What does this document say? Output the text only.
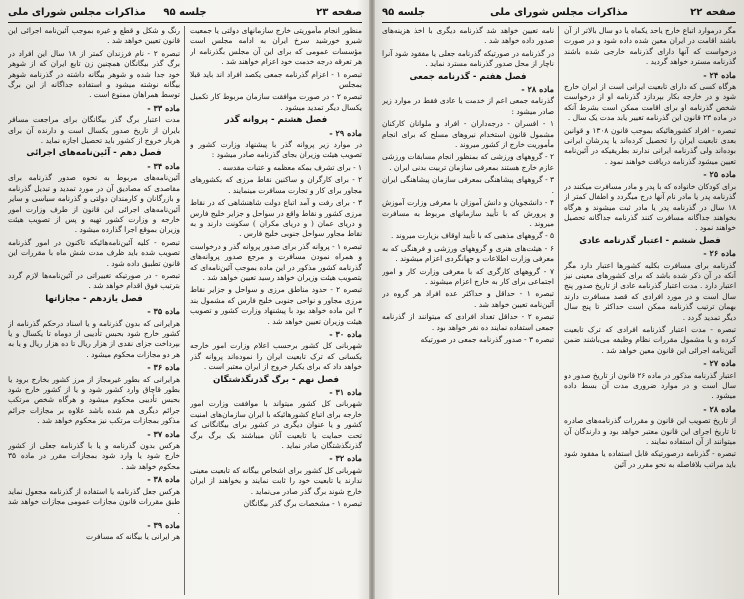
صفحه ۲۳
جلسه ۹۵
مذاکرات مجلس شورای ملی

منظور انجام مأموریتی خارج سازمانهای دولتی یا جمعیت شیرو خورشید سرخ ایران به ادامه مجلس است مؤسسات عمومی که برای این آن مجلس بگذرنامه ار هر تعرقه درجه خدمت خود اعزام خواهند شد .

تبصره ۱ - اعزام گذرنامه جمعی یکصد افراد اند باید قبلا بمجلس

تبصره ۲ - در صورت موافقت سازمان مربوط کار تکمیل یکسال دیگر تمدید میشود .

فصل هشتم - پروانه گذر

ماده ۲۹ -

در موارد زیر پروانه گذر با پیشنهاد وزارت کشور و تصویب هیئت وزیران بجای گذرنامه صادر میشود :

۱ - برای تشرف بمکه معظمه و عتبات مقدسه .

۲ - برای کارگران و ساکنین نقاط مرزی که بکشورهای مجاور برای کار و تجارت مسافرت مینمایند .

۳ - برای رفت و آمد اتباع دولت شاهنشاهی که در نقاط مرزی کشور و نقاط واقع در سواحل و جزایر خلیج فارس و دریای عمان ( و دریای مکران ) سکونت دارند و به نقاط مجاور سواحل جنوبی خلیج فارس .

تبصره ۱ - پروانه گذر برای صدور پروانه گذر و درخواست و همراه نمودن مسافرت و مرجع صدور پروانه‌های گذرنامه کشور مذکور در این ماده بموجب آئین‌نامه‌ای که بتصویب هیئت وزیران خواهد رسید تعیین خواهد شد .

تبصره ۲ - حدود مناطق مرزی و سواحل و جزایر نقاط مرزی مجاور و نواحی جنوبی خلیج فارس که مشمول بند ۳ این ماده خواهد بود با پیشنهاد وزارت کشور و تصویب هیئت وزیران تعیین خواهد شد .

ماده ۳۰ -

شهربانی کل کشور برحسب اعلام وزارت امور خارجه بکسانی که ترک تابعیت ایران را نموده‌اند پروانه گذر خواهد داد که برای یکبار خروج از ایران معتبر است .

فصل نهم - برگ گذرنگذشتگان

ماده ۳۱ -

شهربانی کل کشور میتواند با موافقت وزارت امور خارجه برای اتباع کشورهائیکه با ایران سازمان‌های امنیت کشور و یا عنوان دیگری در کشور برای بیگانگانی که تحت حمایت یا تابعیت آنان میباشند یک برگ برگ گذرنگذشتگان صادر نماید .

ماده ۳۲ -

شهربانی کل کشور برای اشخاص بیگانه که تابعیت معینی ندارند یا تابعیت خود را ثابت نمایند و بخواهند از ایران خارج شوند برگ گذر صادر می‌نماید .

تبصره ۱ - مشخصات برگ گذر بیگانگان

رنگ و شکل و قطع و غیره بموجب آئین‌نامه اجرائی این قانون تعیین خواهد شد .

تبصره ۲ - نام فرزندان کمتر از ۱۸ سال این افراد در برگ گذر بیگانگان همچنین زن تابع ایران که از شوهر خود جدا شده و شوهر بیگانه داشته در گذرنامه شوهر بیگانه نوشته میشود و استفاده جداگانه از این برگ توسط همراهان ممنوع است .

ماده ۳۳ -

مدت اعتبار برگ گذر بیگانگان برای مراجعت مسافر بایران از تاریخ صدور یکسال است و دارنده آن برای هربار خروج از کشور باید تحصیل اجازه نماید .

فصل دهم - آئین‌نامه‌های اجرائی

ماده ۳۴ -

آئین‌نامه‌های مربوط به نحوه صدور گذرنامه برای مقاصدی که مصادیق آن در مورد تمدید و تبدیل گذرنامه و بازرگانان و کارمندان دولتی و گذرنامه سیاسی و سایر آئین‌نامه‌های اجرائی این قانون از طرف وزارت امور خارجه و وزارت کشور تهیه و پس از تصویب هیئت وزیران بموقع اجرا گذارده میشود .

تبصره - کلیه آئین‌نامه‌هائیکه تاکنون در امور گذرنامه تصویب شده باید ظرف مدت شش ماه با مقررات این قانون تطبیق داده شود .

تبصره - در صورتیکه تغییراتی در آئین‌نامه‌ها لازم گردد بترتیب فوق اقدام خواهد شد .

فصل یازدهم - مجازاتها

ماده ۳۵ -

هرایرانی که بدون گذرنامه و یا اسناد درحکم گذرنامه از کشور خارج شود بحبس تأدیبی از دوماه تا یکسال و یا بپرداخت جزای نقدی از هزار ریال تا ده هزار ریال و یا به هر دو مجازات محکوم میشود .

ماده ۳۶ -

هرایرانی که بطور غیرمجاز از مرز کشور بخارج برود یا بطور قاچاق وارد کشور شود و یا از کشور خارج شود بحبس تأدیبی محکوم میشود و هرگاه شخص مرتکب جرائم دیگری هم شده باشد علاوه بر مجازات جرائم مذکور بمجازات مرتکب نیز محکوم خواهد شد .

ماده ۳۷ -

هرکس بدون گذرنامه و یا با گذرنامه جعلی از کشور خارج شود یا وارد شود بمجازات مقرر در ماده ۳۵ محکوم خواهد شد .

ماده ۳۸ -

هرکس جعل گذرنامه یا استفاده از گذرنامه مجعول نماید طبق مقررات قانون مجازات عمومی مجازات خواهد شد .

ماده ۳۹ -

هر ایرانی یا بیگانه که مسافرت

صفحه ۲۲
مذاکرات مجلس شورای ملی
جلسه ۹۵

مگر درموارد اتباع خارج یاحد یکماه یا دو سال بالاتر از آن باشند اقامت در ایران معین شده داده شود و در صورت درخواست که آنها دارای گذرنامه خارجی شده باشند گذرنامه مسترد خواهد گردید .

ماده ۲۴ -

هرگاه کسی که دارای تابعیت ایرانی است از ایران خارج شود و در خارجه بکار بپردازد گذرنامه او از درخواست شخص گذرنامه او برای اقامت ممکن است بشرط آنکه در ماده ۲۳ قانون این گذرنامه تغییر یابد مدت یک سال .

تبصره - افراد کشورهائیکه بموجب قانون ۱۳۰۸ و قوانین بعدی تابعیت ایران را تحصیل کرده‌اند یا پدرشان ایرانی بوده‌اند ولی گذرنامه ایرانی ندارند بطریقیکه در آئین‌نامه تعیین میشود گذرنامه دریافت خواهند نمود .

ماده ۲۵ -

برای کودکان خانواده که با پدر و مادر مسافرت میکنند در گذرنامه پدر یا مادر نام آنها درج میگردد و اطفال کمتر از ۱۸ سال در گذرنامه پدر یا مادر ثبت میشوند و هرگاه بخواهند جداگانه مسافرت کنند گذرنامه جداگانه تحصیل خواهند نمود .

فصل ششم - اعتبار گذرنامه عادی

ماده ۲۶ -

گذرنامه برای مسافرت بکلیه کشورها اعتبار دارد مگر آنکه در آن ذکر شده باشد که برای کشورهای معینی نیز اعتبار دارد . مدت اعتبار گذرنامه عادی از تاریخ صدور پنج سال است و در مورد افرادی که قصد مسافرت دارند بهمان ترتیب گذرنامه ممکن است حداکثر تا پنج سال دیگر تمدید گردد .

تبصره - مدت اعتبار گذرنامه افرادی که ترک تابعیت کرده و یا مشمول مقررات نظام وظیفه می‌باشند ضمن آئین‌نامه اجرائی این قانون معین خواهد شد .

ماده ۲۷ -

اعتبار گذرنامه مذکور در ماده ۲۶ قانون از تاریخ صدور دو سال است و در موارد ضروری مدت آن بسط داده میشود .

ماده ۲۸ -

از تاریخ تصویب این قانون و مقررات گذرنامه‌های صادره تا تاریخ اجرای این قانون معتبر خواهد بود و دارندگان آن میتوانند از آن استفاده نمایند .

تبصره - گذرنامه درصورتیکه قابل استفاده یا مفقود شود باید مراتب بلافاصله به نحو مقرر در آئین

نامه تعیین خواهد شد گذرنامه دیگری با اخذ هزینه‌های صدور داده خواهد شد .

در گذرنامه در صورتیکه گذرنامه جعلی یا مفقود شود آنرا ناچار از محل صدور گذرنامه مسترد نماید .

فصل هفتم - گذرنامه جمعی

ماده ۲۸ -

گذرنامه جمعی اعم از خدمت یا عادی فقط در موارد زیر صادر میشود :

۱ - افسران - درجه‌داران - افراد و ملوانان کارکنان مشمول قانون استخدام نیروهای مسلح که برای انجام مأموریت خارج از کشور میروند .

۲ - گروههای ورزشی که بمنظور انجام مسابقات ورزشی عازم خارج هستند بمعرفی سازمان تربیت بدنی ایران .

۳ - گروههای پیشاهنگی بمعرفی سازمان پیشاهنگی ایران .

۴ - دانشجویان و دانش آموزان با معرفی وزارت آموزش و پرورش که با تأیید سازمانهای مربوط به مسافرت میروند .

۵ - گروههای مذهبی که با تأیید اوقاف بزیارت میروند .

۶ - هیئت‌های هنری و گروههای ورزشی و فرهنگی که به معرفی وزارت اطلاعات و جهانگردی اعزام میشوند .

۷ - گروههای کارگری که با معرفی وزارت کار و امور اجتماعی برای کار به خارج اعزام میشوند .

تبصره ۱ - حداقل و حداکثر عده افراد هر گروه در آئین‌نامه تعیین خواهد شد .

تبصره ۲ - حداقل تعداد افرادی که میتوانند از گذرنامه جمعی استفاده نمایند ده نفر خواهد بود .

تبصره ۳ - صدور گذرنامه جمعی در صورتیکه
